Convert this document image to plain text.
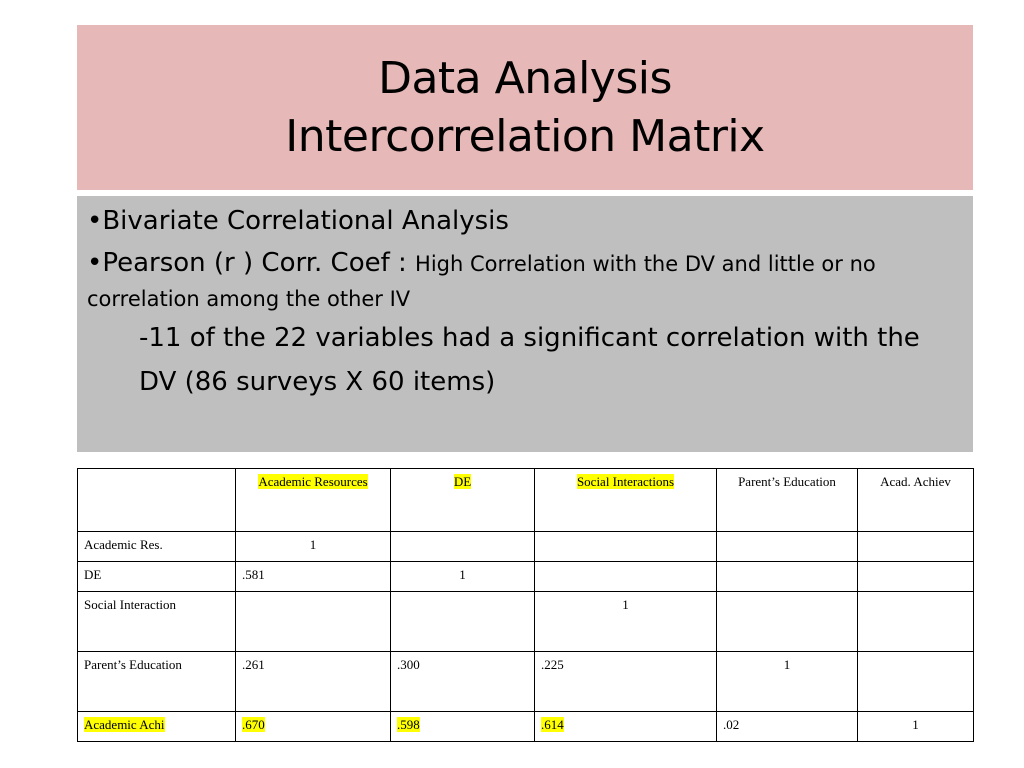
Data Analysis
Intercorrelation Matrix
•Bivariate Correlational Analysis
•Pearson (r ) Corr. Coef : High Correlation with the DV and little or no correlation among the other IV
-11 of the 22 variables had a significant correlation with the DV (86 surveys X 60 items)
	Academic Resources	DE	Social Interactions	Parent’s Education	Acad. Achiev
Academic Res.	1				
DE	.581	1			
Social Interaction			1		
Parent’s Education	.261	.300	.225	1	
Academic Achi	.670	.598	.614	.02	1
